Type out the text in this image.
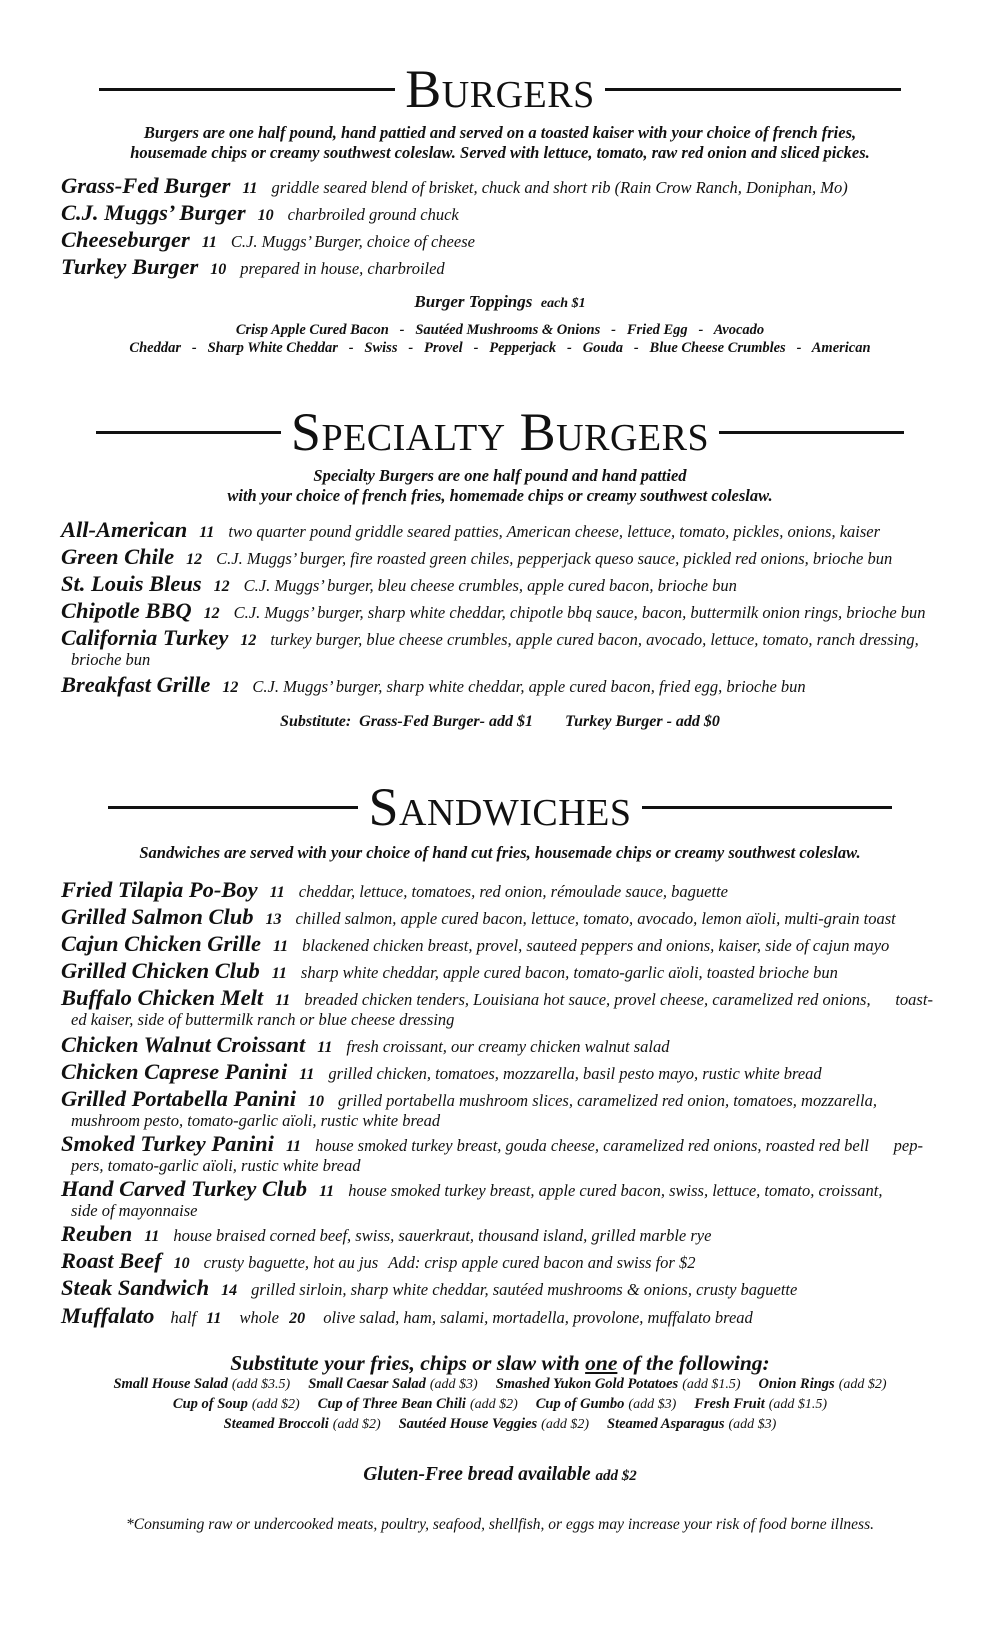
Burgers
Burgers are one half pound, hand pattied and served on a toasted kaiser with your choice of french fries,
housemade chips or creamy southwest coleslaw. Served with lettuce, tomato, raw red onion and sliced pickes.
Grass-Fed Burger 11 griddle seared blend of brisket, chuck and short rib (Rain Crow Ranch, Doniphan, Mo)
C.J. Muggs’ Burger 10 charbroiled ground chuck
Cheeseburger 11 C.J. Muggs’ Burger, choice of cheese
Turkey Burger 10 prepared in house, charbroiled
Burger Toppings each $1
Crisp Apple Cured Bacon   -   Sautéed Mushrooms & Onions   -   Fried Egg   -   Avocado
Cheddar   -   Sharp White Cheddar   -   Swiss   -   Provel   -   Pepperjack   -   Gouda   -   Blue Cheese Crumbles   -   American
Specialty Burgers
Specialty Burgers are one half pound and hand pattied
with your choice of french fries, homemade chips or creamy southwest coleslaw.
All-American 11 two quarter pound griddle seared patties, American cheese, lettuce, tomato, pickles, onions, kaiser
Green Chile 12 C.J. Muggs’ burger, fire roasted green chiles, pepperjack queso sauce, pickled red onions, brioche bun
St. Louis Bleus 12 C.J. Muggs’ burger, bleu cheese crumbles, apple cured bacon, brioche bun
Chipotle BBQ 12 C.J. Muggs’ burger, sharp white cheddar, chipotle bbq sauce, bacon, buttermilk onion rings, brioche bun
California Turkey 12 turkey burger, blue cheese crumbles, apple cured bacon, avocado, lettuce, tomato, ranch dressing,
brioche bun
Breakfast Grille 12 C.J. Muggs’ burger, sharp white cheddar, apple cured bacon, fried egg, brioche bun
Substitute:  Grass-Fed Burger- add $1        Turkey Burger - add $0
Sandwiches
Sandwiches are served with your choice of hand cut fries, housemade chips or creamy southwest coleslaw.
Fried Tilapia Po-Boy 11 cheddar, lettuce, tomatoes, red onion, rémoulade sauce, baguette
Grilled Salmon Club 13 chilled salmon, apple cured bacon, lettuce, tomato, avocado, lemon aïoli, multi-grain toast
Cajun Chicken Grille 11 blackened chicken breast, provel, sauteed peppers and onions, kaiser, side of cajun mayo
Grilled Chicken Club 11 sharp white cheddar, apple cured bacon, tomato-garlic aïoli, toasted brioche bun
Buffalo Chicken Melt 11 breaded chicken tenders, Louisiana hot sauce, provel cheese, caramelized red onions,      toast-
ed kaiser, side of buttermilk ranch or blue cheese dressing
Chicken Walnut Croissant 11 fresh croissant, our creamy chicken walnut salad
Chicken Caprese Panini 11 grilled chicken, tomatoes, mozzarella, basil pesto mayo, rustic white bread
Grilled Portabella Panini 10 grilled portabella mushroom slices, caramelized red onion, tomatoes, mozzarella,
mushroom pesto, tomato-garlic aïoli, rustic white bread
Smoked Turkey Panini 11 house smoked turkey breast, gouda cheese, caramelized red onions, roasted red bell      pep-
pers, tomato-garlic aïoli, rustic white bread
Hand Carved Turkey Club 11 house smoked turkey breast, apple cured bacon, swiss, lettuce, tomato, croissant,
side of mayonnaise
Reuben 11 house braised corned beef, swiss, sauerkraut, thousand island, grilled marble rye
Roast Beef 10 crusty baguette, hot au jus Add: crisp apple cured bacon and swiss for $2
Steak Sandwich 14 grilled sirloin, sharp white cheddar, sautéed mushrooms & onions, crusty baguette
Muffalato half 11 whole 20 olive salad, ham, salami, mortadella, provolone, muffalato bread
Substitute your fries, chips or slaw with one of the following:
Small House Salad (add $3.5) Small Caesar Salad (add $3) Smashed Yukon Gold Potatoes (add $1.5) Onion Rings (add $2)
Cup of Soup (add $2) Cup of Three Bean Chili (add $2) Cup of Gumbo (add $3) Fresh Fruit (add $1.5)
Steamed Broccoli (add $2) Sautéed House Veggies (add $2) Steamed Asparagus (add $3)
Gluten-Free bread available add $2
*Consuming raw or undercooked meats, poultry, seafood, shellfish, or eggs may increase your risk of food borne illness.
